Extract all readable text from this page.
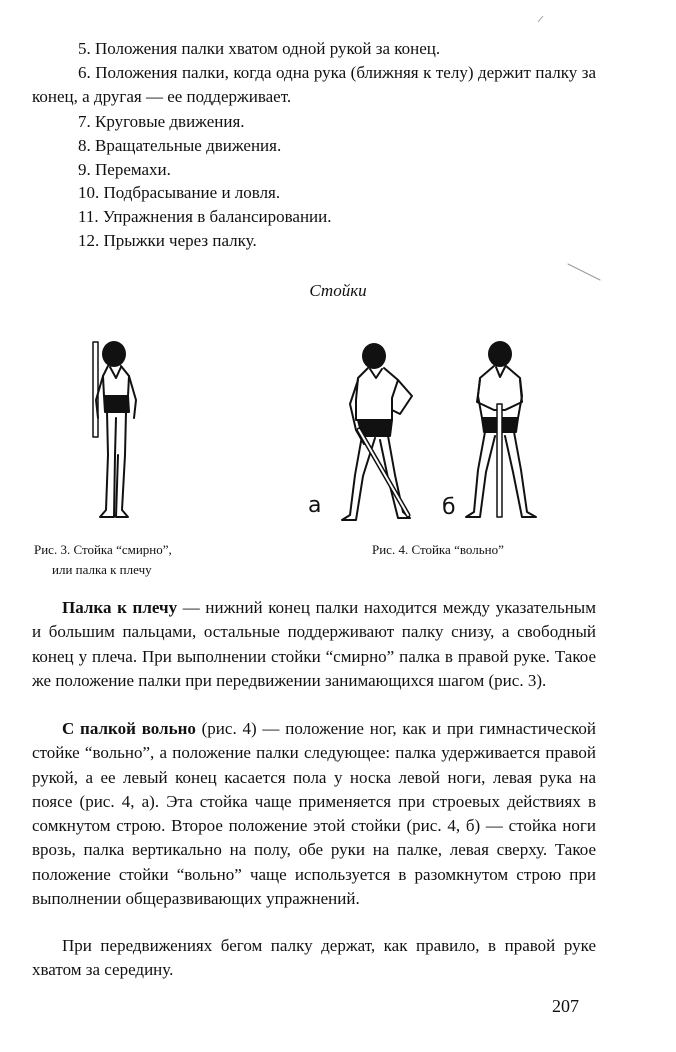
5. Положения палки хватом одной рукой за конец.
6. Положения палки, когда одна рука (ближняя к телу) держит палку за конец, а другая — ее поддерживает.
7. Круговые движения.
8. Вращательные движения.
9. Перемахи.
10. Подбрасывание и ловля.
11. Упражнения в балансировании.
12. Прыжки через палку.
Стойки
а	б
Рис. 3. Стойка “смирно”,
или палка к плечу
Рис. 4. Стойка “вольно”

Палка к плечу — нижний конец палки находится между указательным и большим пальцами, остальные поддерживают палку снизу, а свободный конец у плеча. При выполнении стойки “смирно” палка в правой руке. Такое же положение палки при передвижении занимающихся шагом (рис. 3).

С палкой вольно (рис. 4) — положение ног, как и при гимнастической стойке “вольно”, а положение палки следующее: палка удерживается правой рукой, а ее левый конец касается пола у носка левой ноги, левая рука на поясе (рис. 4, а). Эта стойка чаще применяется при строевых действиях в сомкнутом строю. Второе положение этой стойки (рис. 4, б) — стойка ноги врозь, палка вертикально на полу, обе руки на палке, левая сверху. Такое положение стойки “вольно” чаще используется в разомкнутом строю при выполнении общеразвивающих упражнений.

При передвижениях бегом палку держат, как правило, в правой руке хватом за середину.

207
